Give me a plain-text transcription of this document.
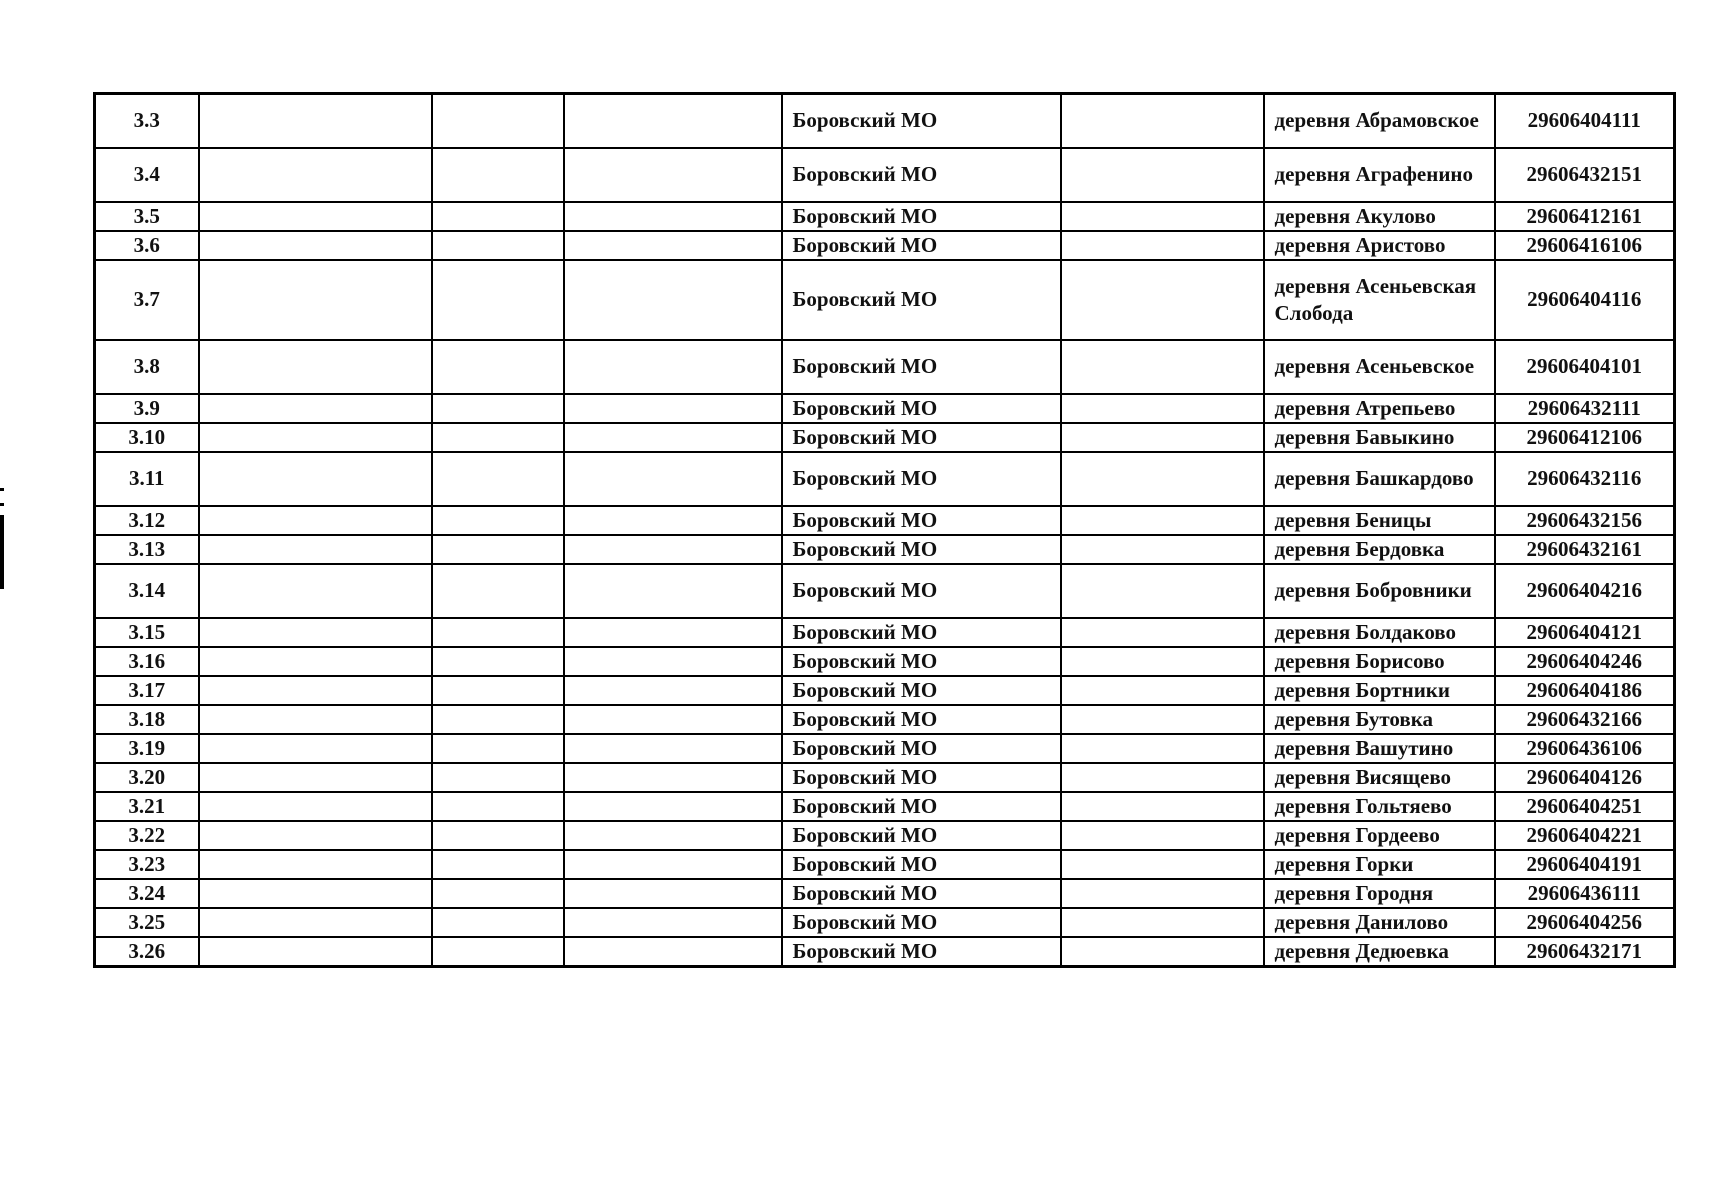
3.3				Боровский МО		деревня Абрамовское	29606404111
3.4				Боровский МО		деревня Аграфенино	29606432151
3.5				Боровский МО		деревня Акулово	29606412161
3.6				Боровский МО		деревня Аристово	29606416106
3.7				Боровский МО		деревня Асеньевская Слобода	29606404116
3.8				Боровский МО		деревня Асеньевское	29606404101
3.9				Боровский МО		деревня Атрепьево	29606432111
3.10				Боровский МО		деревня Бавыкино	29606412106
3.11				Боровский МО		деревня Башкардово	29606432116
3.12				Боровский МО		деревня Беницы	29606432156
3.13				Боровский МО		деревня Бердовка	29606432161
3.14				Боровский МО		деревня Бобровники	29606404216
3.15				Боровский МО		деревня Болдаково	29606404121
3.16				Боровский МО		деревня Борисово	29606404246
3.17				Боровский МО		деревня Бортники	29606404186
3.18				Боровский МО		деревня Бутовка	29606432166
3.19				Боровский МО		деревня Вашутино	29606436106
3.20				Боровский МО		деревня Висящево	29606404126
3.21				Боровский МО		деревня Гольтяево	29606404251
3.22				Боровский МО		деревня Гордеево	29606404221
3.23				Боровский МО		деревня Горки	29606404191
3.24				Боровский МО		деревня Городня	29606436111
3.25				Боровский МО		деревня Данилово	29606404256
3.26				Боровский МО		деревня Дедюевка	29606432171
